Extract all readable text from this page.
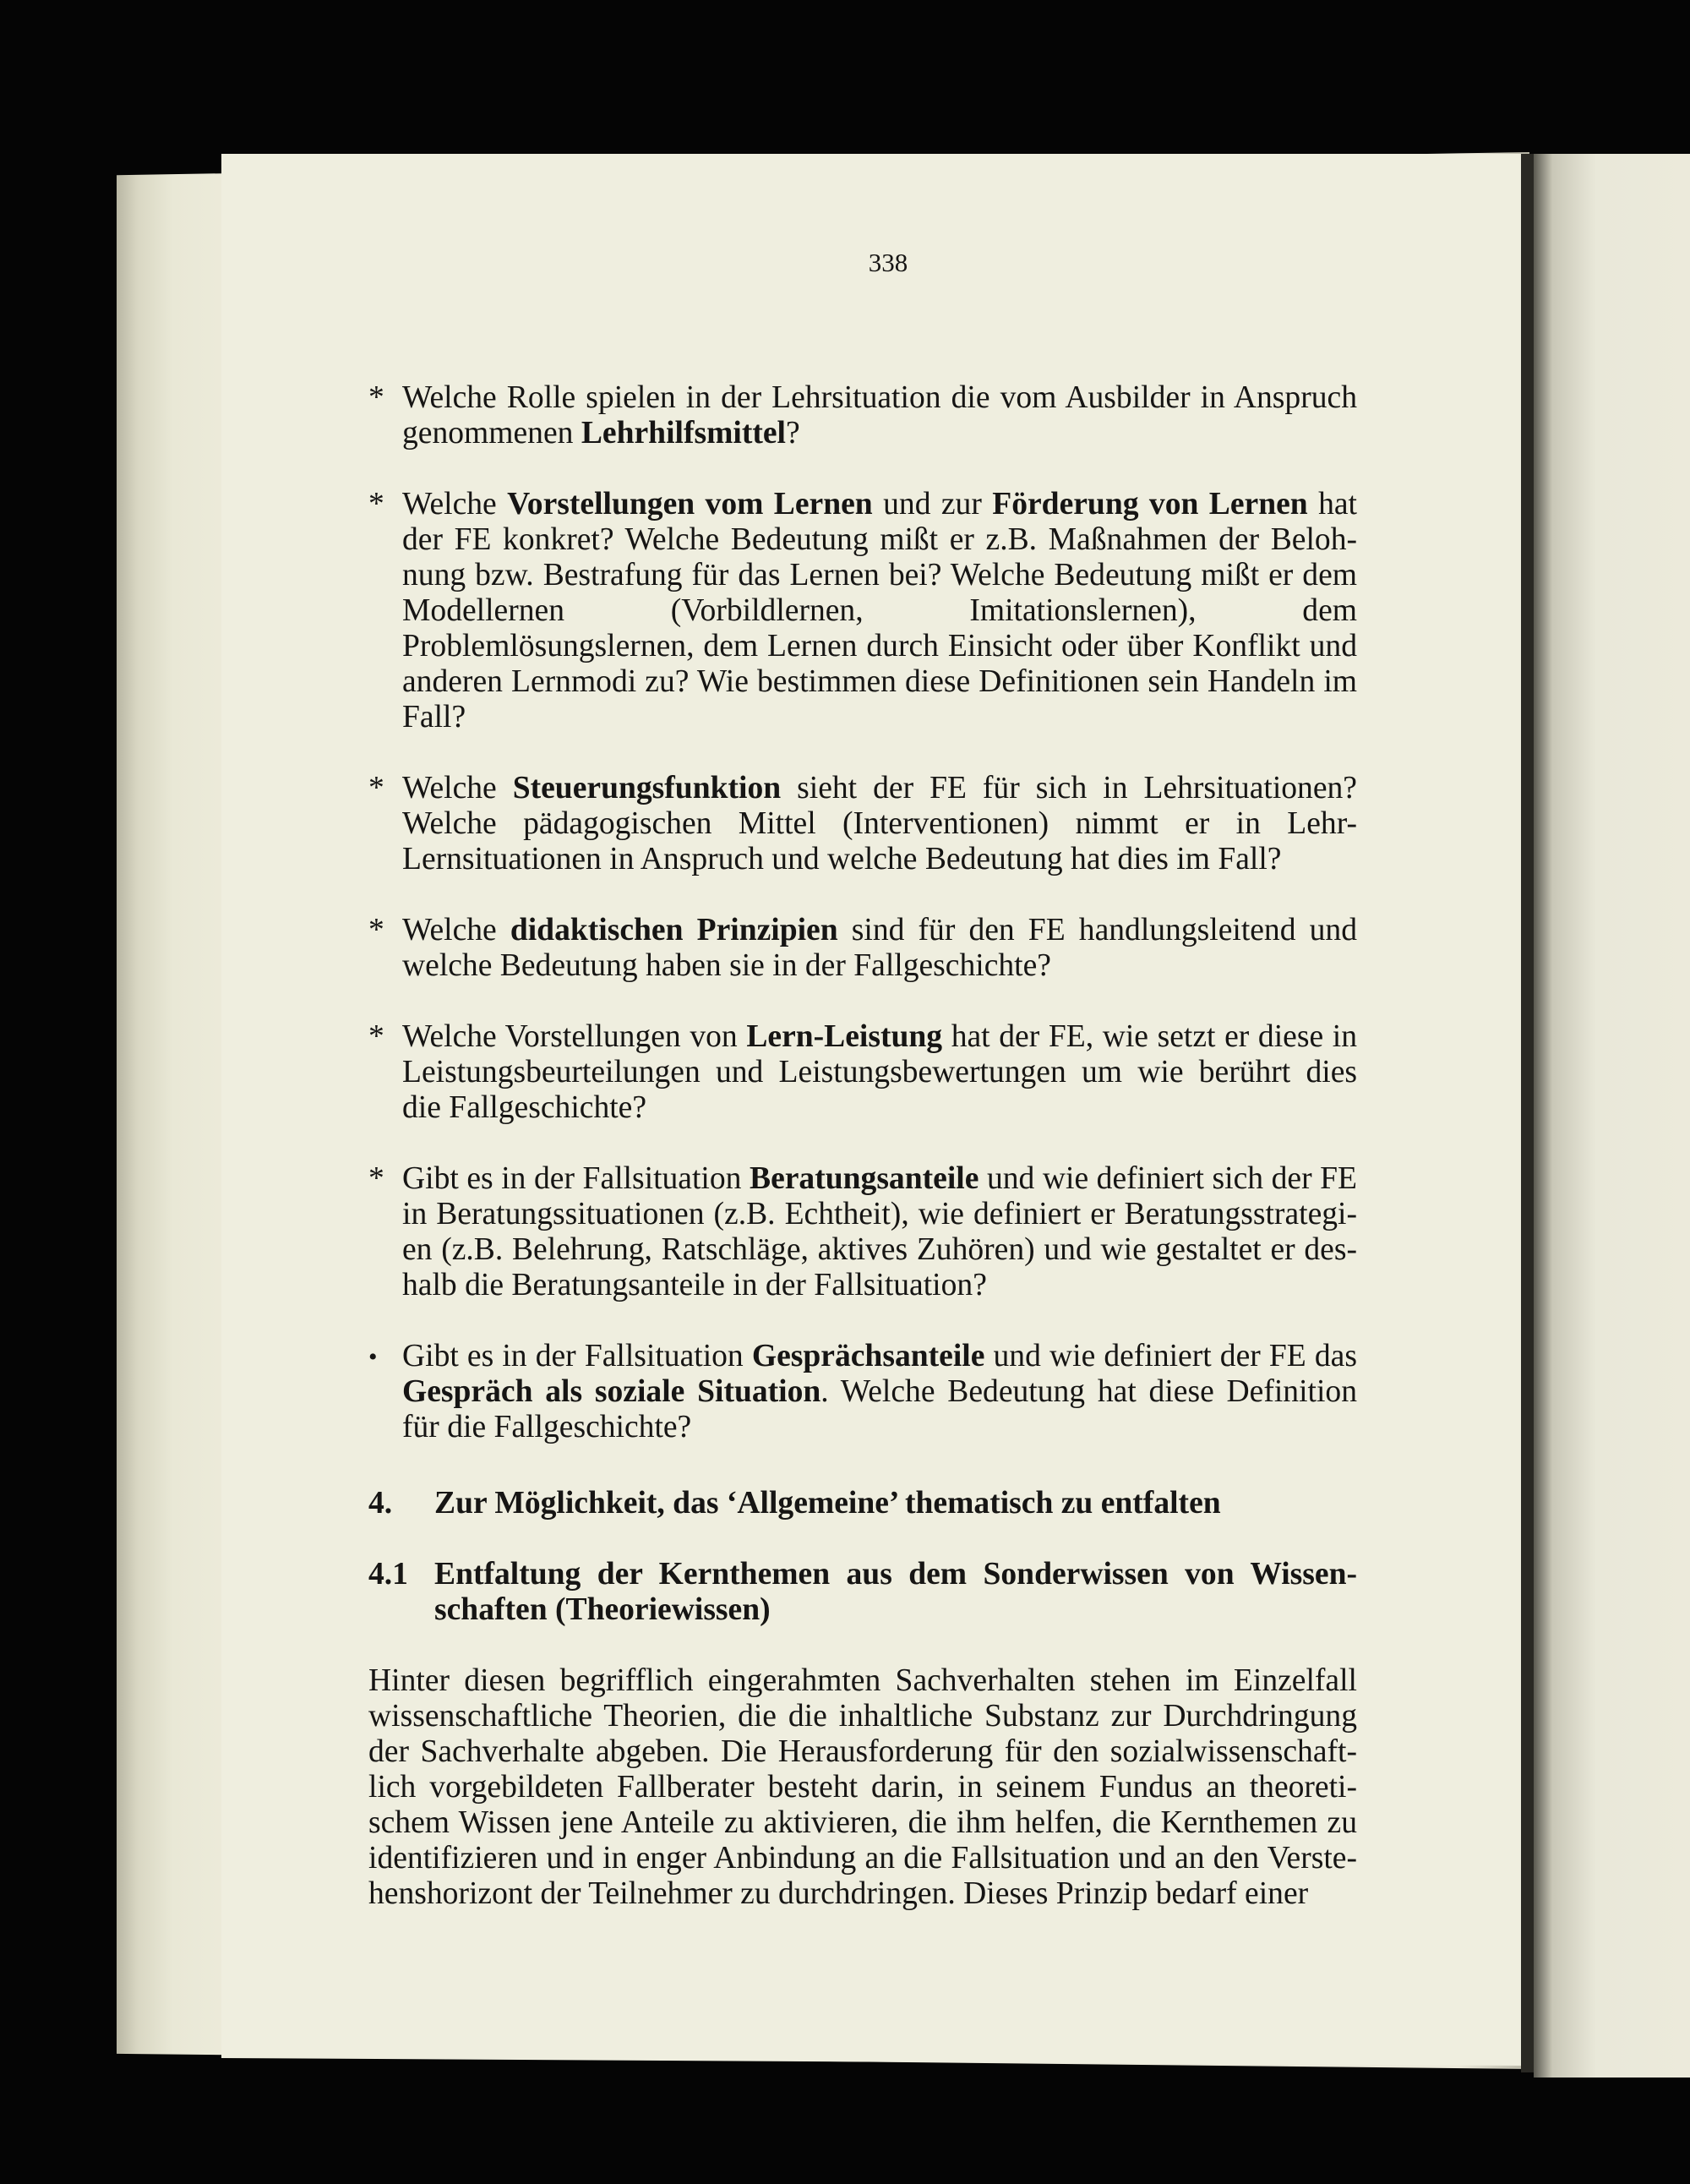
338
* Welche Rolle spielen in der Lehrsituation die vom Ausbilder in Anspruch genommenen Lehrhilfsmittel?
* Welche Vorstellungen vom Lernen und zur Förderung von Lernen hat der FE konkret? Welche Bedeutung mißt er z.B. Maßnahmen der Belohnung bzw. Bestrafung für das Lernen bei? Welche Bedeutung mißt er dem Modellernen (Vorbildlernen, Imitationslernen), dem Problemlösungslernen, dem Lernen durch Einsicht oder über Konflikt und anderen Lernmodi zu? Wie bestimmen diese Definitionen sein Handeln im Fall?
* Welche Steuerungsfunktion sieht der FE für sich in Lehrsituationen? Welche pädagogischen Mittel (Interventionen) nimmt er in Lehr-Lernsituationen in Anspruch und welche Bedeutung hat dies im Fall?
* Welche didaktischen Prinzipien sind für den FE handlungsleitend und welche Bedeutung haben sie in der Fallgeschichte?
* Welche Vorstellungen von Lern-Leistung hat der FE, wie setzt er diese in Leistungsbeurteilungen und Leistungsbewertungen um wie berührt dies die Fallgeschichte?
* Gibt es in der Fallsituation Beratungsanteile und wie definiert sich der FE in Beratungssituationen (z.B. Echtheit), wie definiert er Beratungsstrategien (z.B. Belehrung, Ratschläge, aktives Zuhören) und wie gestaltet er deshalb die Beratungsanteile in der Fallsituation?
• Gibt es in der Fallsituation Gesprächsanteile und wie definiert der FE das Gespräch als soziale Situation. Welche Bedeutung hat diese Definition für die Fallgeschichte?
4.	Zur Möglichkeit, das ‘Allgemeine’ thematisch zu entfalten
4.1 Entfaltung der Kernthemen aus dem Sonderwissen von Wissenschaften (Theoriewissen)
Hinter diesen begrifflich eingerahmten Sachverhalten stehen im Einzelfall wissenschaftliche Theorien, die die inhaltliche Substanz zur Durchdringung der Sachverhalte abgeben. Die Herausforderung für den sozialwissenschaftlich vorgebildeten Fallberater besteht darin, in seinem Fundus an theoretischem Wissen jene Anteile zu aktivieren, die ihm helfen, die Kernthemen zu identifizieren und in enger Anbindung an die Fallsituation und an den Verstehenshorizont der Teilnehmer zu durchdringen. Dieses Prinzip bedarf einer
